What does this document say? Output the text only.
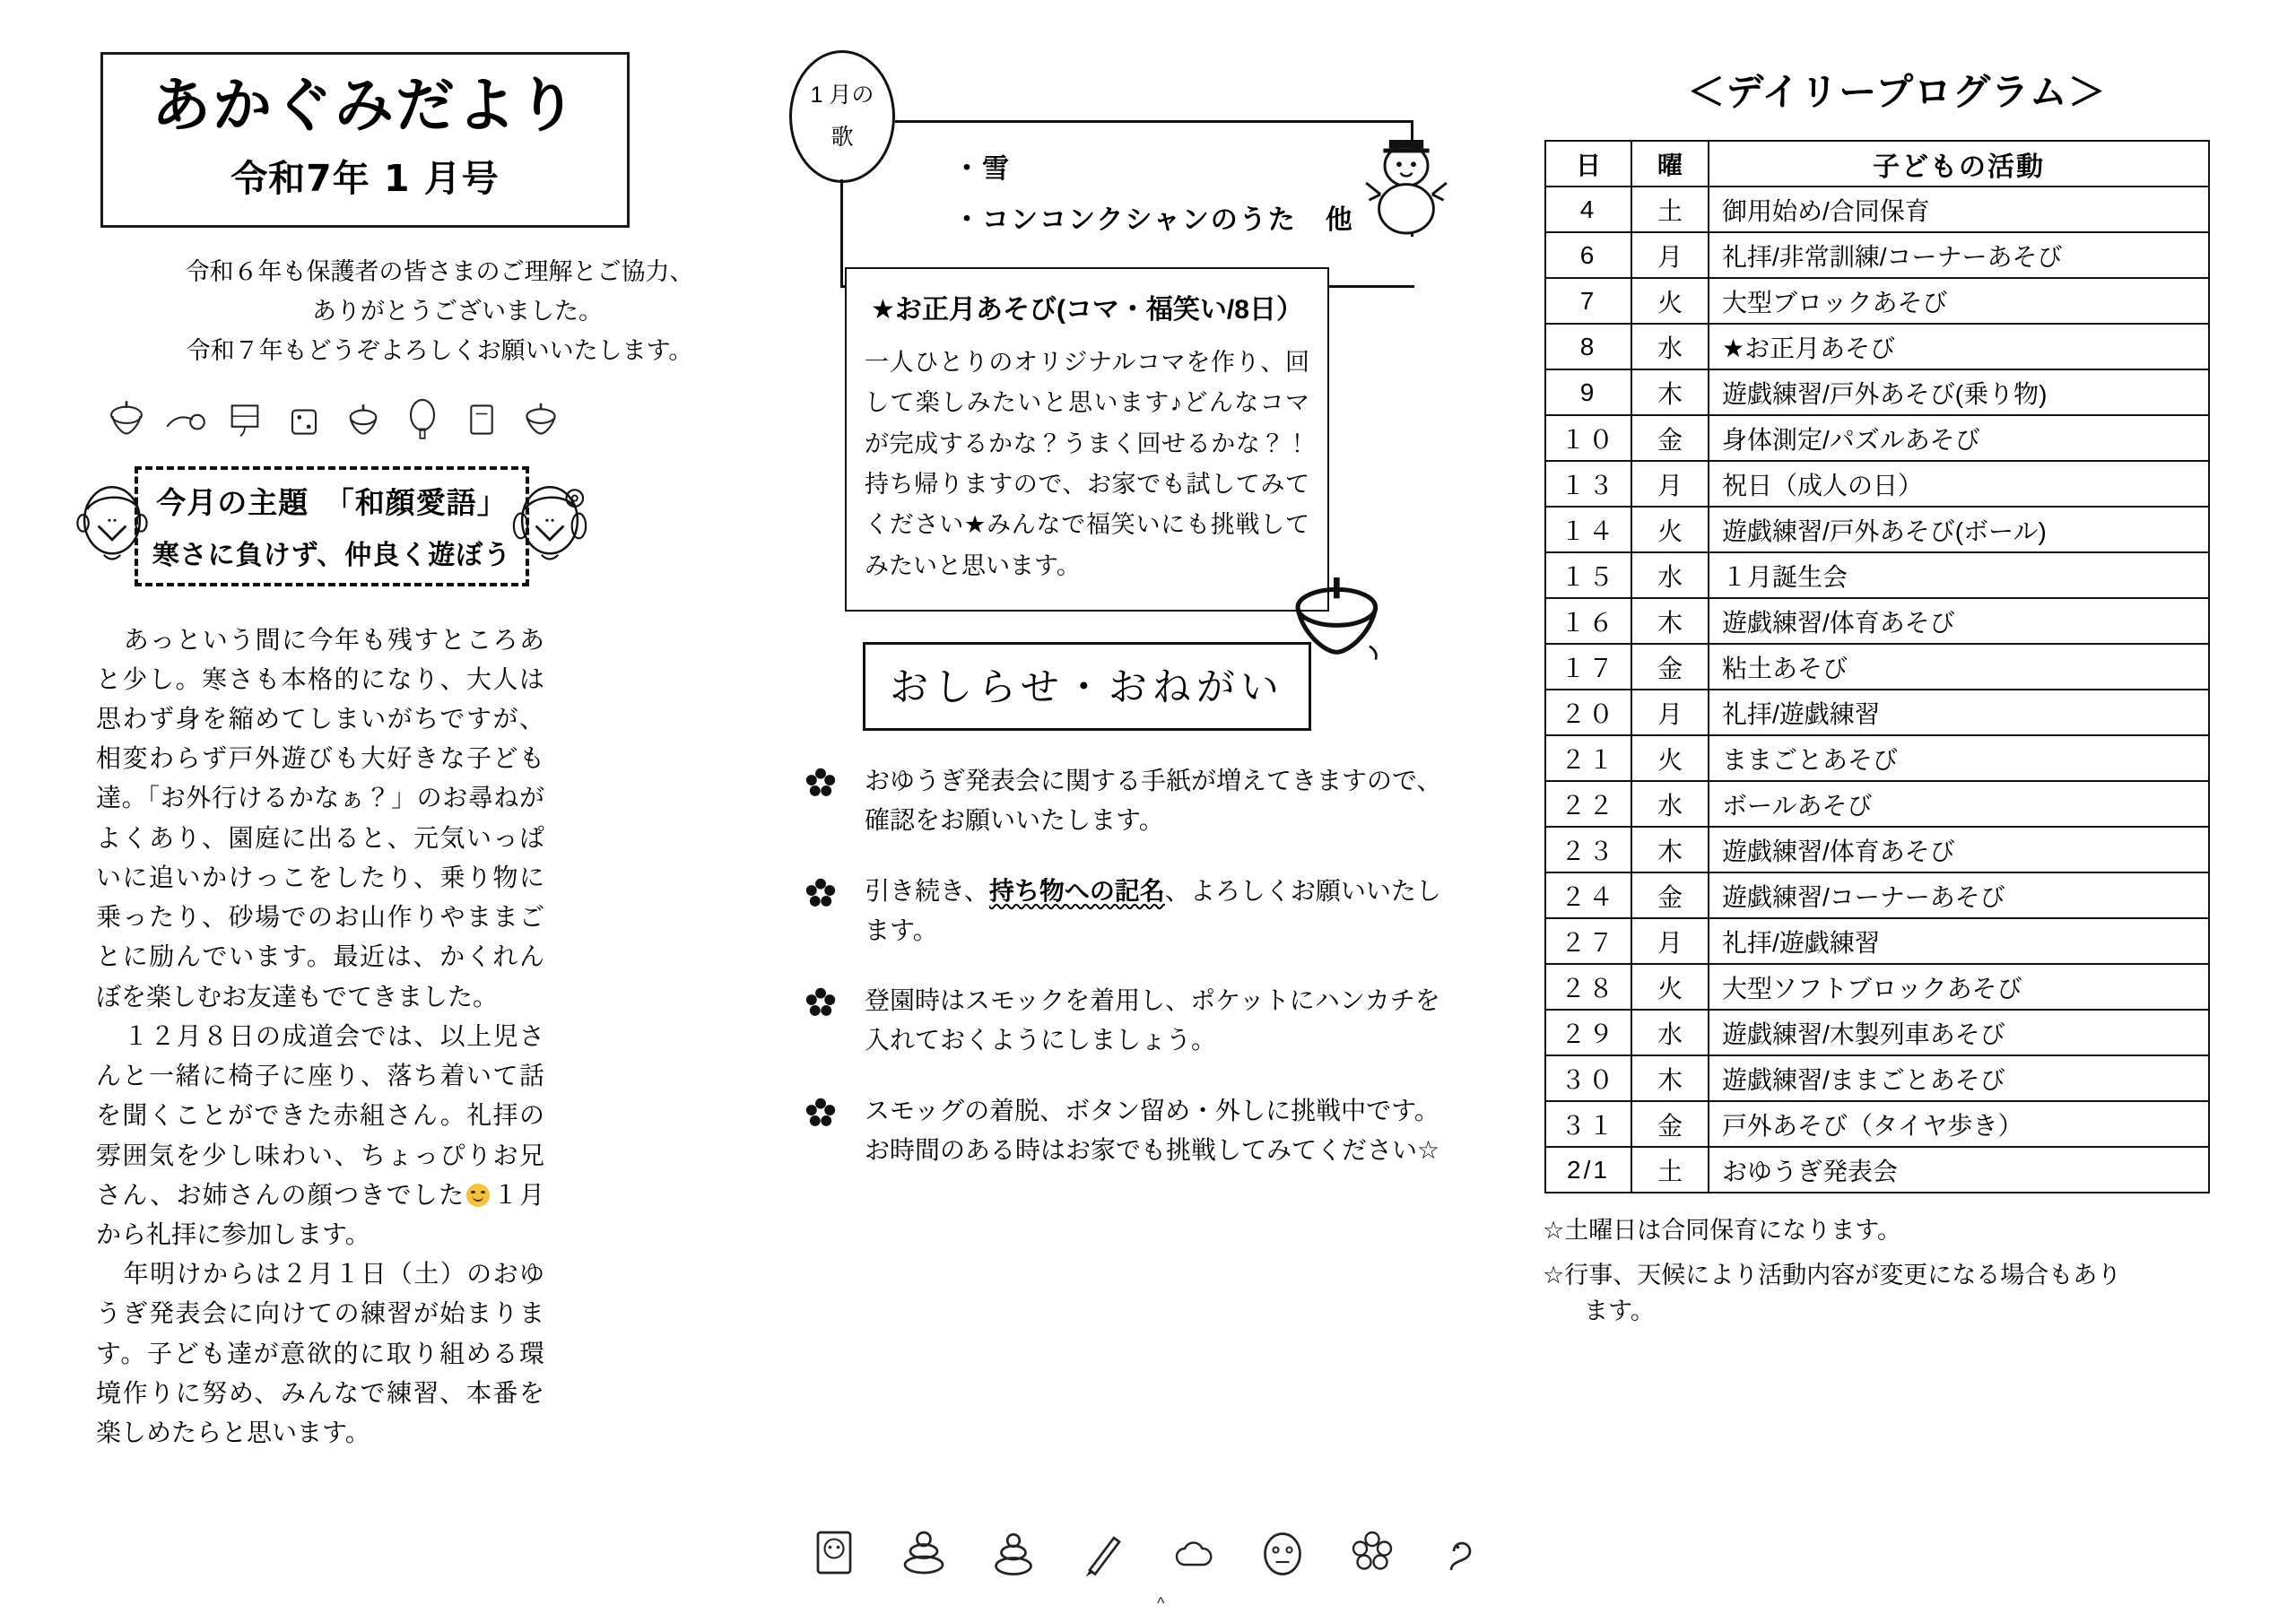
あかぐみだより
令和7年 1 月号
令和６年も保護者の皆さまのご理解とご協力、
ありがとうございました。
令和７年もどうぞよろしくお願いいたします。
今月の主題　「和顔愛語」
寒さに負けず、仲良く遊ぼう

あっという間に今年も残すところあと少し。寒さも本格的になり、大人は思わず身を縮めてしまいがちですが、相変わらず戸外遊びも大好きな子ども達。「お外行けるかなぁ？」のお尋ねがよくあり、園庭に出ると、元気いっぱいに追いかけっこをしたり、乗り物に乗ったり、砂場でのお山作りやままごとに励んでいます。最近は、かくれんぼを楽しむお友達もでてきました。

１２月８日の成道会では、以上児さんと一緒に椅子に座り、落ち着いて話を聞くことができた赤組さん。礼拝の雰囲気を少し味わい、ちょっぴりお兄さん、お姉さんの顔つきでした １月から礼拝に参加します。

年明けからは２月１日（土）のおゆうぎ発表会に向けての練習が始まります。子ども達が意欲的に取り組める環境作りに努め、みんなで練習、本番を楽しめたらと思います。

1 月の
歌
・雪
・コンコンクシャンのうた　他
★お正月あそび(コマ・福笑い/8日）
一人ひとりのオリジナルコマを作り、回して楽しみたいと思います♪どんなコマが完成するかな？うまく回せるかな？！持ち帰りますので、お家でも試してみてください★みんなで福笑いにも挑戦してみたいと思います。
おしらせ・おねがい
おゆうぎ発表会に関する手紙が増えてきますので、確認をお願いいたします。
引き続き、持ち物への記名、よろしくお願いいたします。
登園時はスモックを着用し、ポケットにハンカチを入れておくようにしましょう。
スモッグの着脱、ボタン留め・外しに挑戦中です。お時間のある時はお家でも挑戦してみてください☆
＜デイリープログラム＞
日	曜	子どもの活動
4	土	御用始め/合同保育
6	月	礼拝/非常訓練/コーナーあそび
7	火	大型ブロックあそび
8	水	★お正月あそび
9	木	遊戯練習/戸外あそび(乗り物)
１０	金	身体測定/パズルあそび
１３	月	祝日（成人の日）
１４	火	遊戯練習/戸外あそび(ボール)
１５	水	１月誕生会
１６	木	遊戯練習/体育あそび
１７	金	粘土あそび
２０	月	礼拝/遊戯練習
２１	火	ままごとあそび
２２	水	ボールあそび
２３	木	遊戯練習/体育あそび
２４	金	遊戯練習/コーナーあそび
２７	月	礼拝/遊戯練習
２８	火	大型ソフトブロックあそび
２９	水	遊戯練習/木製列車あそび
３０	木	遊戯練習/ままごとあそび
３１	金	戸外あそび（タイヤ歩き）
2/1	土	おゆうぎ発表会
☆土曜日は合同保育になります。
☆行事、天候により活動内容が変更になる場合もあり
ます。
^
